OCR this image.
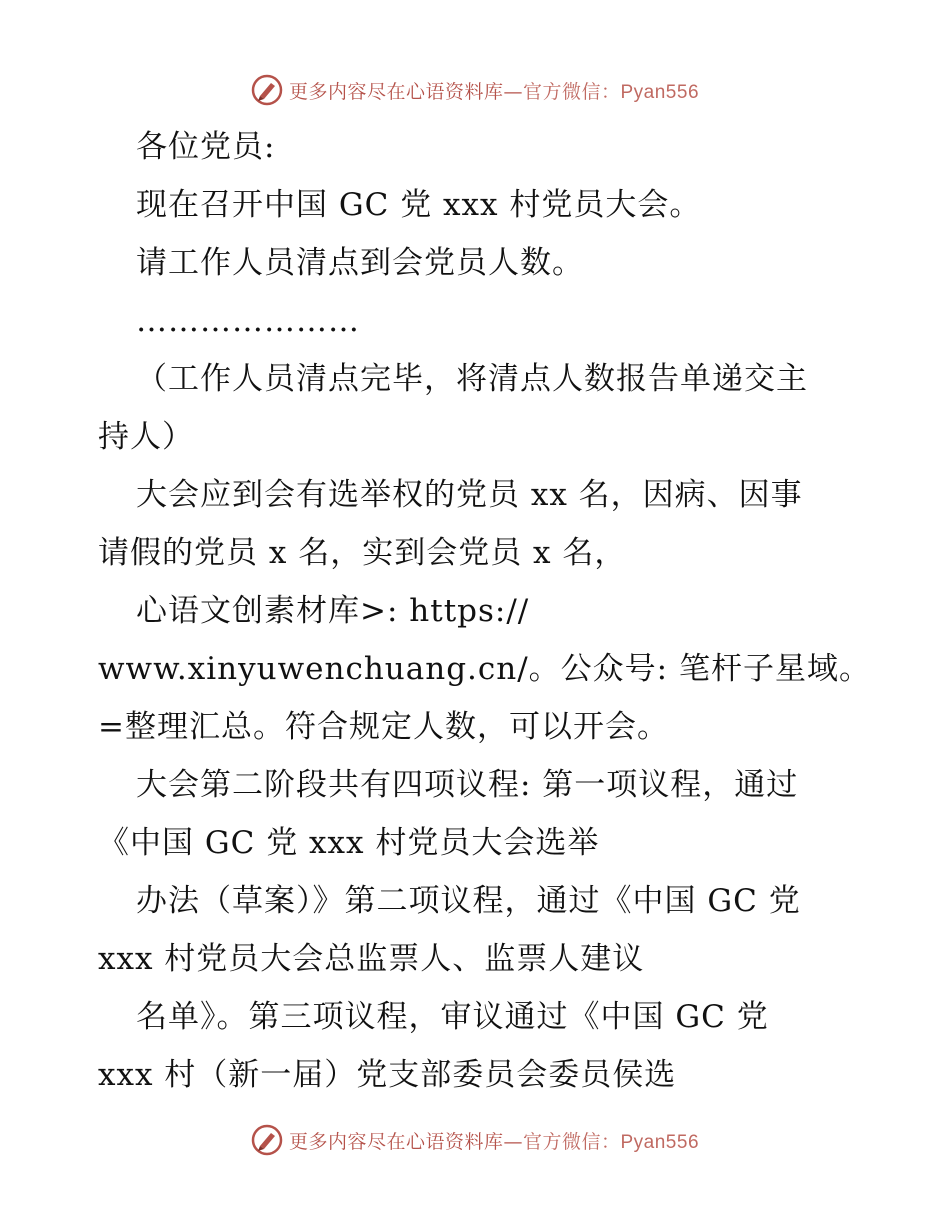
更多内容尽在心语资料库—官方微信：Pyan556
各位党员:
现在召开中国 GC 党 xxx 村党员大会。
请工作人员清点到会党员人数。
…………………
（工作人员清点完毕，将清点人数报告单递交主
持人）
大会应到会有选举权的党员 xx 名，因病、因事
请假的党员 x 名，实到会党员 x 名，
心语文创素材库>: https://
www.xinyuwenchuang.cn/。公众号: 笔杆子星域。
=整理汇总。符合规定人数，可以开会。
大会第二阶段共有四项议程: 第一项议程，通过
《中国 GC 党 xxx 村党员大会选举
办法（草案）》第二项议程，通过《中国 GC 党
xxx 村党员大会总监票人、监票人建议
名单》。第三项议程，审议通过《中国 GC 党
xxx 村（新一届）党支部委员会委员侯选
更多内容尽在心语资料库—官方微信：Pyan556
